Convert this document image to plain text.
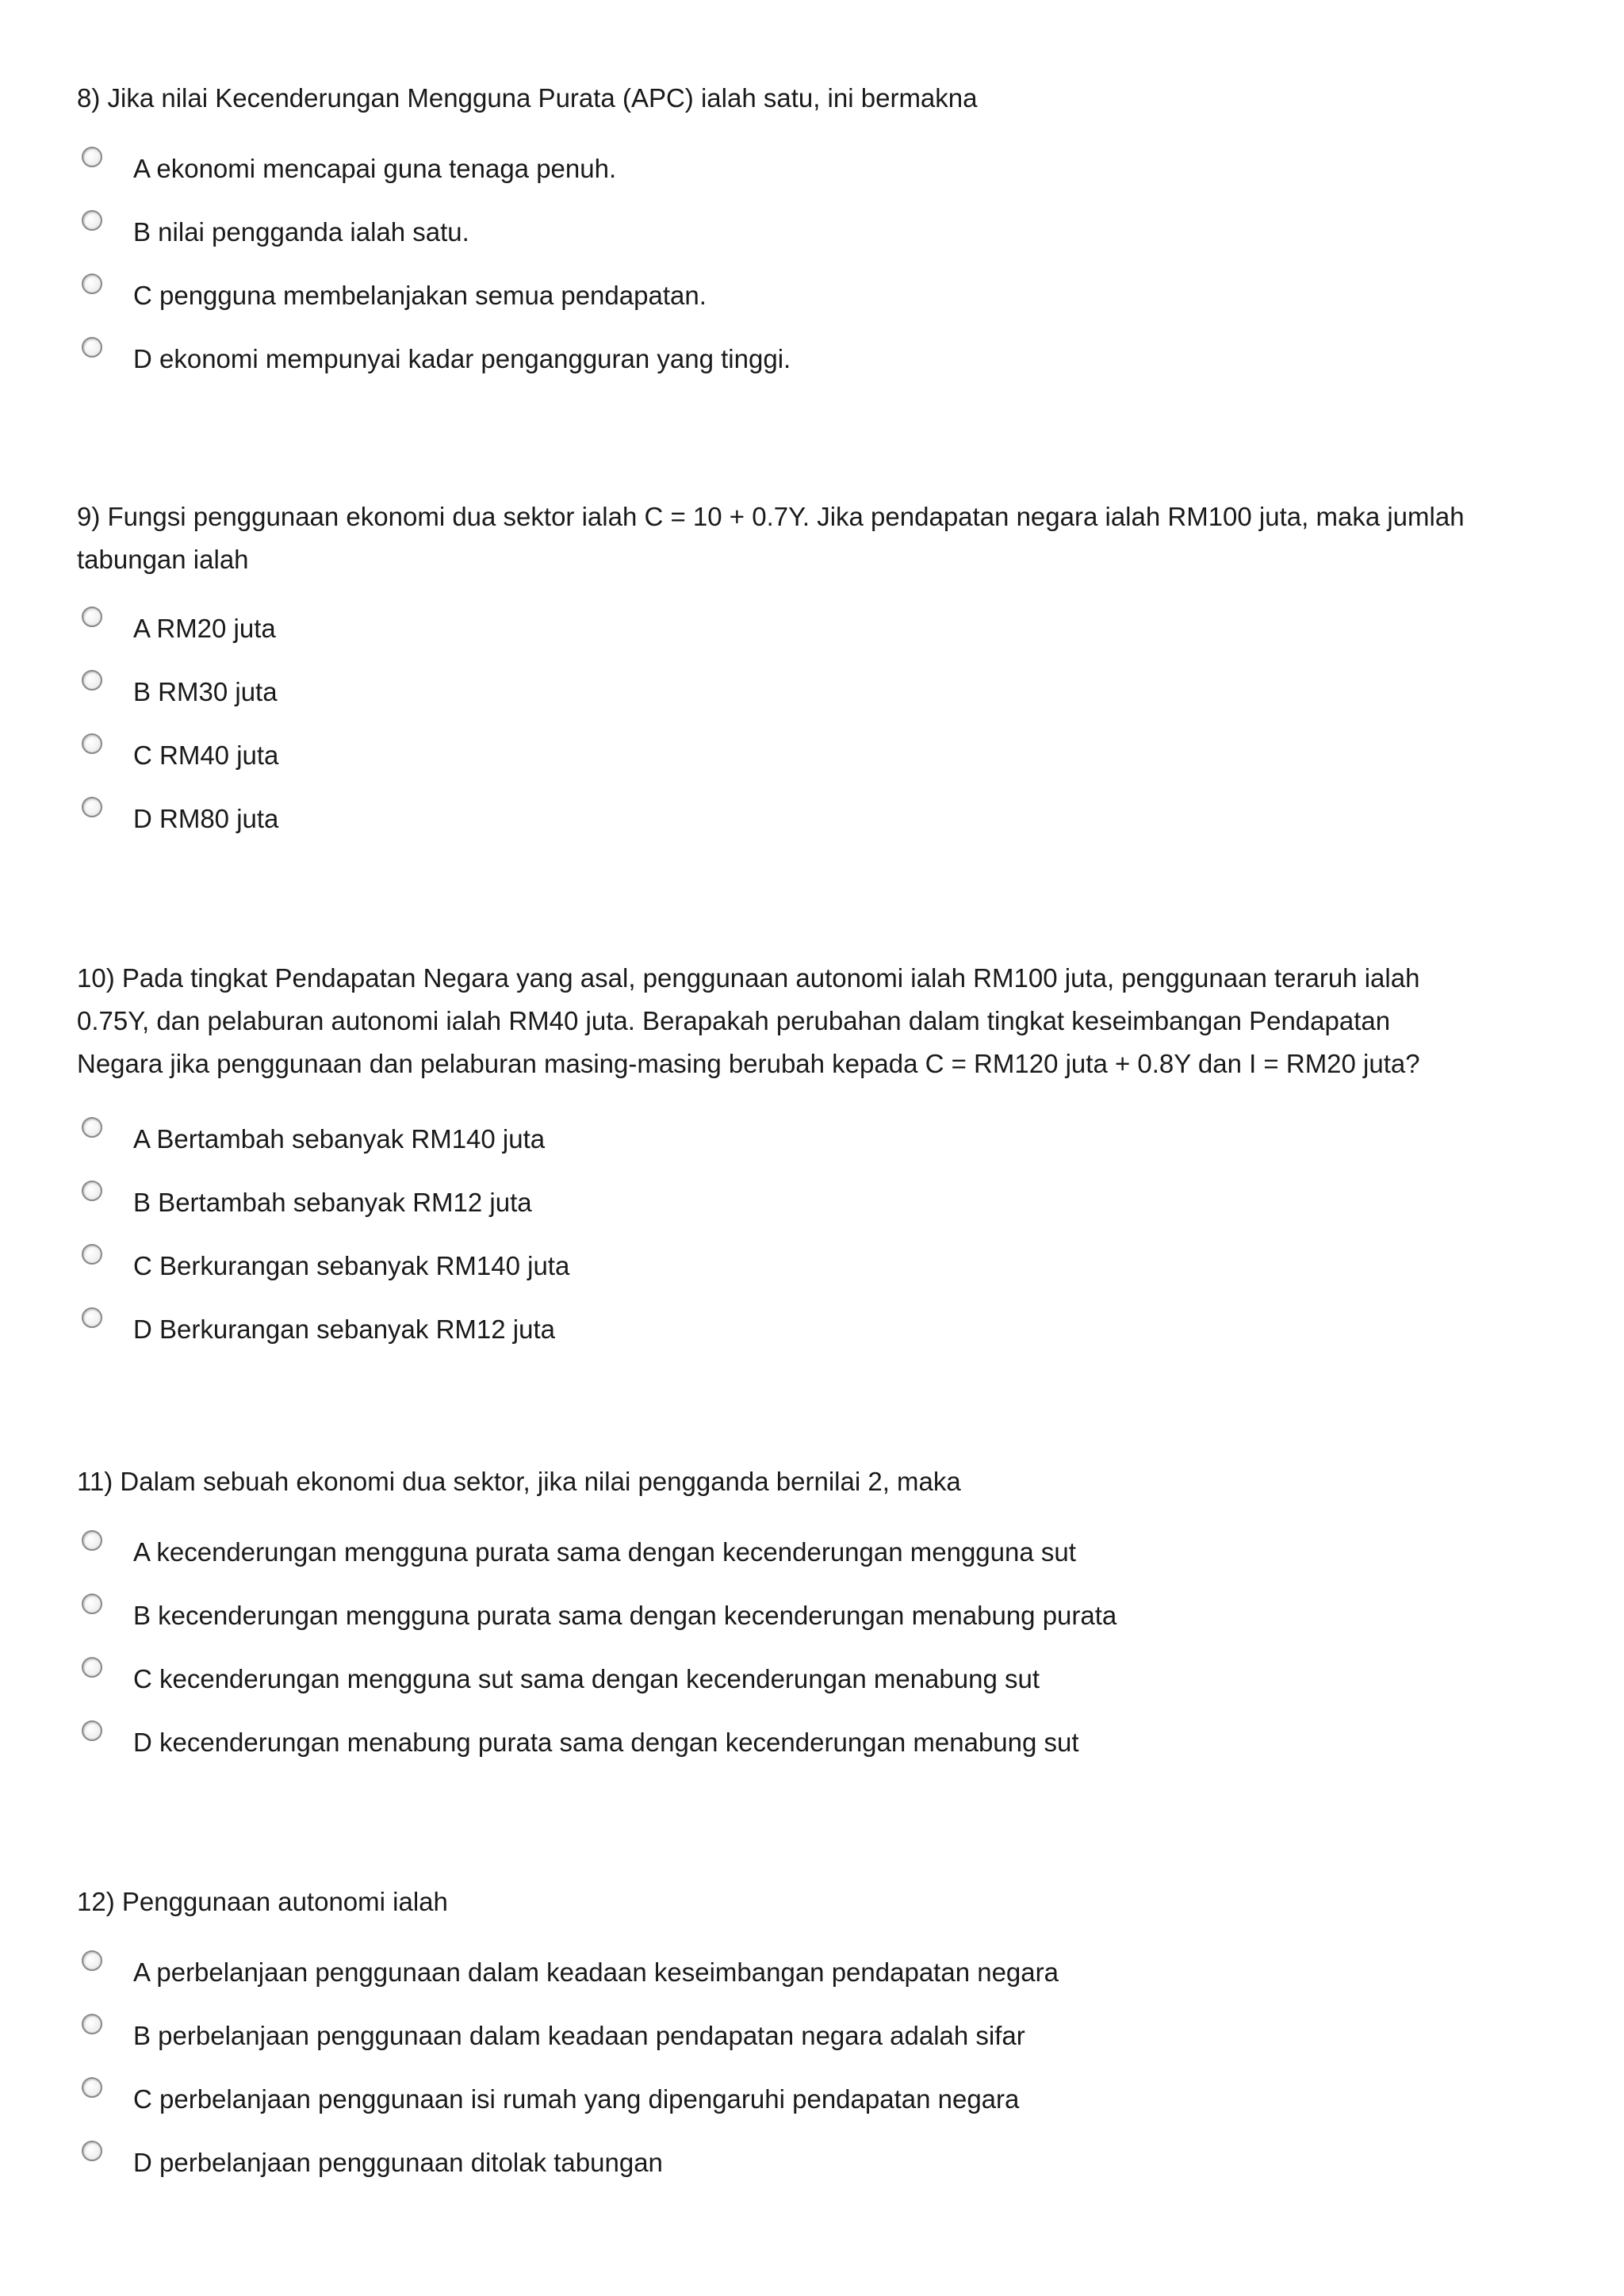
8) Jika nilai Kecenderungan Mengguna Purata (APC) ialah satu, ini bermakna

A ekonomi mencapai guna tenaga penuh.
B nilai pengganda ialah satu.
C pengguna membelanjakan semua pendapatan.
D ekonomi mempunyai kadar pengangguran yang tinggi.

9) Fungsi penggunaan ekonomi dua sektor ialah C = 10 + 0.7Y. Jika pendapatan negara ialah RM100 juta, maka jumlah
tabungan ialah

A RM20 juta
B RM30 juta
C RM40 juta
D RM80 juta

10) Pada tingkat Pendapatan Negara yang asal, penggunaan autonomi ialah RM100 juta, penggunaan teraruh ialah
0.75Y, dan pelaburan autonomi ialah RM40 juta. Berapakah perubahan dalam tingkat keseimbangan Pendapatan
Negara jika penggunaan dan pelaburan masing-masing berubah kepada C = RM120 juta + 0.8Y dan I = RM20 juta?

A Bertambah sebanyak RM140 juta
B Bertambah sebanyak RM12 juta
C Berkurangan sebanyak RM140 juta
D Berkurangan sebanyak RM12 juta

11) Dalam sebuah ekonomi dua sektor, jika nilai pengganda bernilai 2, maka

A kecenderungan mengguna purata sama dengan kecenderungan mengguna sut
B kecenderungan mengguna purata sama dengan kecenderungan menabung purata
C kecenderungan mengguna sut sama dengan kecenderungan menabung sut
D kecenderungan menabung purata sama dengan kecenderungan menabung sut

12) Penggunaan autonomi ialah

A perbelanjaan penggunaan dalam keadaan keseimbangan pendapatan negara
B perbelanjaan penggunaan dalam keadaan pendapatan negara adalah sifar
C perbelanjaan penggunaan isi rumah yang dipengaruhi pendapatan negara
D perbelanjaan penggunaan ditolak tabungan
